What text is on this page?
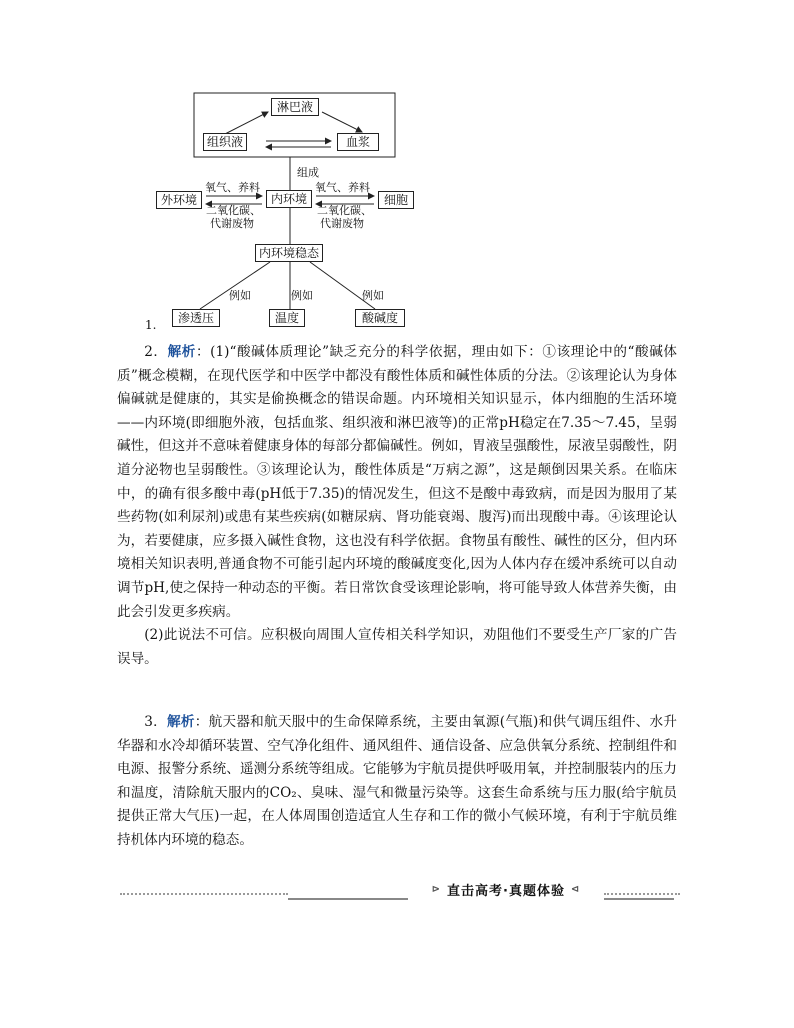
淋巴液
组织液	血浆
组成
外环境	内环境	细胞
氧气、养料
二氧化碳、
代谢废物
氧气、养料
二氧化碳、
代谢废物
内环境稳态
例如	例如	例如
渗透压	温度	酸碱度
1.

2．解析：(1)“酸碱体质理论”缺乏充分的科学依据，理由如下：①该理论中的“酸碱体质”概念模糊，在现代医学和中医学中都没有酸性体质和碱性体质的分法。②该理论认为身体偏碱就是健康的，其实是偷换概念的错误命题。内环境相关知识显示，体内细胞的生活环境——内环境(即细胞外液，包括血浆、组织液和淋巴液等)的正常pH稳定在7.35～7.45，呈弱碱性，但这并不意味着健康身体的每部分都偏碱性。例如，胃液呈强酸性，尿液呈弱酸性，阴道分泌物也呈弱酸性。③该理论认为，酸性体质是“万病之源”，这是颠倒因果关系。在临床中，的确有很多酸中毒(pH低于7.35)的情况发生，但这不是酸中毒致病，而是因为服用了某些药物(如利尿剂)或患有某些疾病(如糖尿病、肾功能衰竭、腹泻)而出现酸中毒。④该理论认为，若要健康，应多摄入碱性食物，这也没有科学依据。食物虽有酸性、碱性的区分，但内环境相关知识表明,普通食物不可能引起内环境的酸碱度变化,因为人体内存在缓冲系统可以自动调节pH,使之保持一种动态的平衡。若日常饮食受该理论影响，将可能导致人体营养失衡，由此会引发更多疾病。

(2)此说法不可信。应积极向周围人宣传相关科学知识，劝阻他们不要受生产厂家的广告误导。

3．解析：航天器和航天服中的生命保障系统，主要由氧源(气瓶)和供气调压组件、水升华器和水冷却循环装置、空气净化组件、通风组件、通信设备、应急供氧分系统、控制组件和电源、报警分系统、遥测分系统等组成。它能够为宇航员提供呼吸用氧，并控制服装内的压力和温度，清除航天服内的CO₂、臭味、湿气和微量污染等。这套生命系统与压力服(给宇航员提供正常大气压)一起，在人体周围创造适宜人生存和工作的微小气候环境，有利于宇航员维持机体内环境的稳态。

⊳ 直击高考·真题体验 ⊲
